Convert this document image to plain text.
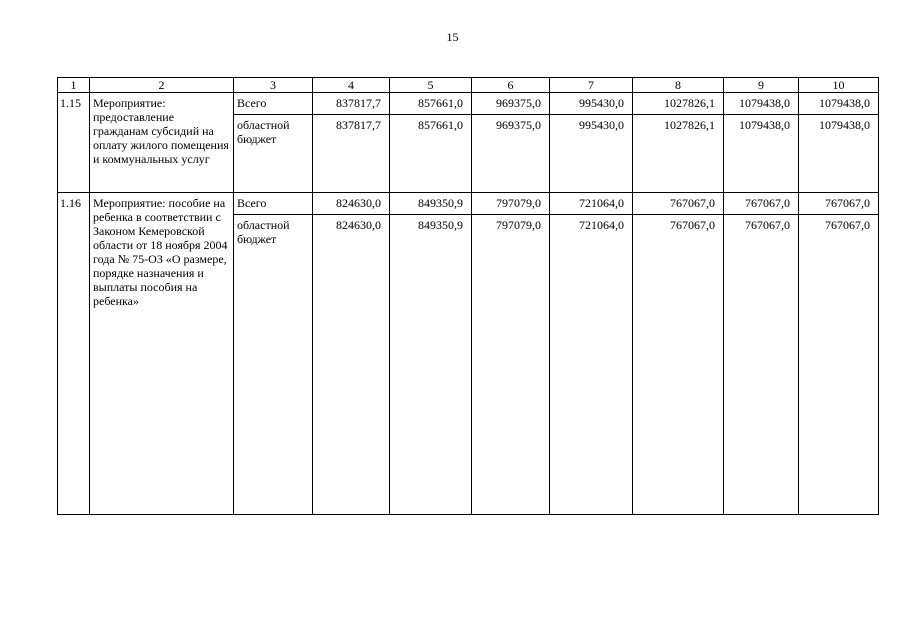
15
1	2	3	4	5	6	7	8	9	10
1.15	Мероприятие: предоставление гражданам субсидий на оплату жилого помещения и коммунальных услуг	Всего	837817,7	857661,0	969375,0	995430,0	1027826,1	1079438,0	1079438,0
		областной бюджет	837817,7	857661,0	969375,0	995430,0	1027826,1	1079438,0	1079438,0
1.16	Мероприятие: пособие на ребенка в соответствии с Законом Кемеровской области от 18 ноября 2004 года № 75-ОЗ «О размере, порядке назначения и выплаты пособия на ребенка»	Всего	824630,0	849350,9	797079,0	721064,0	767067,0	767067,0	767067,0
		областной бюджет	824630,0	849350,9	797079,0	721064,0	767067,0	767067,0	767067,0
